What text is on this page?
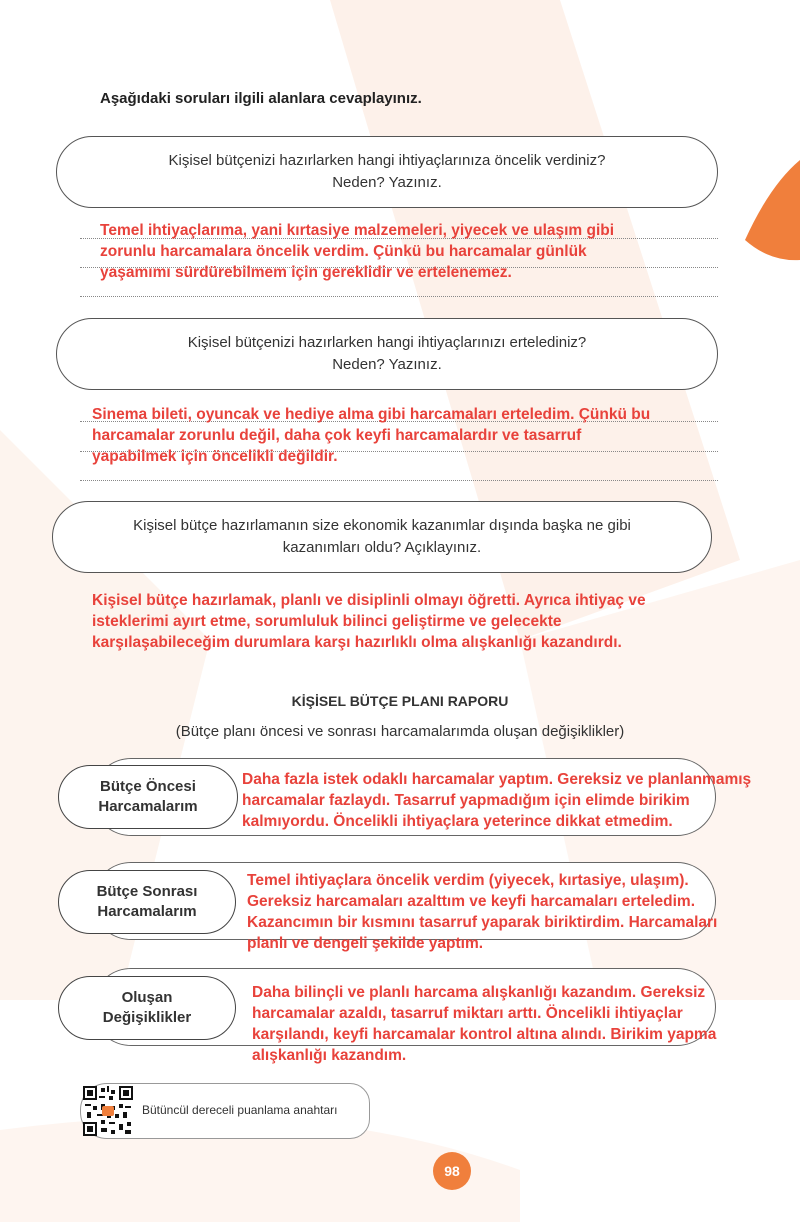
Aşağıdaki soruları ilgili alanlara cevaplayınız.
Kişisel bütçenizi hazırlarken hangi ihtiyaçlarınıza öncelik verdiniz?
Neden? Yazınız.
Temel ihtiyaçlarıma, yani kırtasiye malzemeleri, yiyecek ve ulaşım gibi
zorunlu harcamalara öncelik verdim. Çünkü bu harcamalar günlük
yaşamımı sürdürebilmem için gereklidir ve ertelenemez.
Kişisel bütçenizi hazırlarken hangi ihtiyaçlarınızı ertelediniz?
Neden? Yazınız.
Sinema bileti, oyuncak ve hediye alma gibi harcamaları erteledim. Çünkü bu
harcamalar zorunlu değil, daha çok keyfi harcamalardır ve tasarruf
yapabilmek için öncelikli değildir.
Kişisel bütçe hazırlamanın size ekonomik kazanımlar dışında başka ne gibi
kazanımları oldu? Açıklayınız.
Kişisel bütçe hazırlamak, planlı ve disiplinli olmayı öğretti. Ayrıca ihtiyaç ve
isteklerimi ayırt etme, sorumluluk bilinci geliştirme ve gelecekte
karşılaşabileceğim durumlara karşı hazırlıklı olma alışkanlığı kazandırdı.
KİŞİSEL BÜTÇE PLANI RAPORU
(Bütçe planı öncesi ve sonrası harcamalarımda oluşan değişiklikler)
Bütçe Öncesi
Harcamalarım
Daha fazla istek odaklı harcamalar yaptım. Gereksiz ve planlanmamış
harcamalar fazlaydı. Tasarruf yapmadığım için elimde birikim
kalmıyordu. Öncelikli ihtiyaçlara yeterince dikkat etmedim.
Bütçe Sonrası
Harcamalarım
Temel ihtiyaçlara öncelik verdim (yiyecek, kırtasiye, ulaşım).
Gereksiz harcamaları azalttım ve keyfi harcamaları erteledim.
Kazancımın bir kısmını tasarruf yaparak biriktirdim. Harcamaları
planlı ve dengeli şekilde yaptım.
Oluşan
Değişiklikler
Daha bilinçli ve planlı harcama alışkanlığı kazandım. Gereksiz
harcamalar azaldı, tasarruf miktarı arttı. Öncelikli ihtiyaçlar
karşılandı, keyfi harcamalar kontrol altına alındı. Birikim yapma
alışkanlığı kazandım.
Bütüncül dereceli puanlama anahtarı
98
